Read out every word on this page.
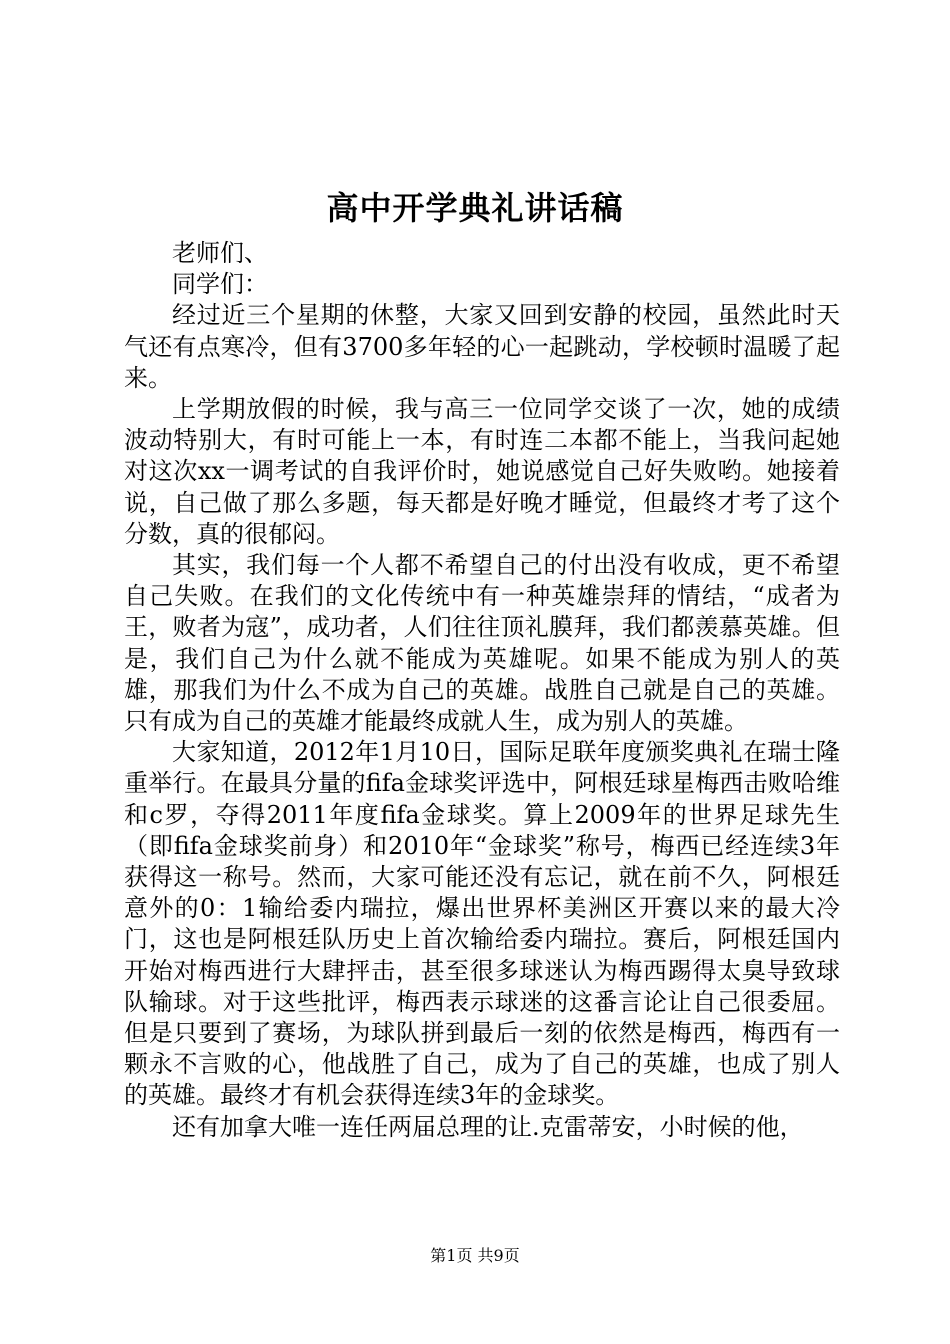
高中开学典礼讲话稿

老师们、

同学们：

经过近三个星期的休整，大家又回到安静的校园，虽然此时天气还有点寒冷，但有3700多年轻的心一起跳动，学校顿时温暖了起来。

上学期放假的时候，我与高三一位同学交谈了一次，她的成绩波动特别大，有时可能上一本，有时连二本都不能上，当我问起她对这次xx一调考试的自我评价时，她说感觉自己好失败哟。她接着说，自己做了那么多题，每天都是好晚才睡觉，但最终才考了这个分数，真的很郁闷。

其实，我们每一个人都不希望自己的付出没有收成，更不希望自己失败。在我们的文化传统中有一种英雄崇拜的情结，“成者为王，败者为寇”，成功者，人们往往顶礼膜拜，我们都羡慕英雄。但是，我们自己为什么就不能成为英雄呢。如果不能成为别人的英雄，那我们为什么不成为自己的英雄。战胜自己就是自己的英雄。只有成为自己的英雄才能最终成就人生，成为别人的英雄。

大家知道，2012年1月10日，国际足联年度颁奖典礼在瑞士隆重举行。在最具分量的fifa金球奖评选中，阿根廷球星梅西击败哈维和c罗，夺得2011年度fifa金球奖。算上2009年的世界足球先生（即fifa金球奖前身）和2010年“金球奖”称号，梅西已经连续3年获得这一称号。然而，大家可能还没有忘记，就在前不久，阿根廷意外的0：1输给委内瑞拉，爆出世界杯美洲区开赛以来的最大冷门，这也是阿根廷队历史上首次输给委内瑞拉。赛后，阿根廷国内开始对梅西进行大肆抨击，甚至很多球迷认为梅西踢得太臭导致球队输球。对于这些批评，梅西表示球迷的这番言论让自己很委屈。但是只要到了赛场，为球队拼到最后一刻的依然是梅西，梅西有一颗永不言败的心，他战胜了自己，成为了自己的英雄，也成了别人的英雄。最终才有机会获得连续3年的金球奖。

还有加拿大唯一连任两届总理的让.克雷蒂安，小时候的他，

第1页 共9页
